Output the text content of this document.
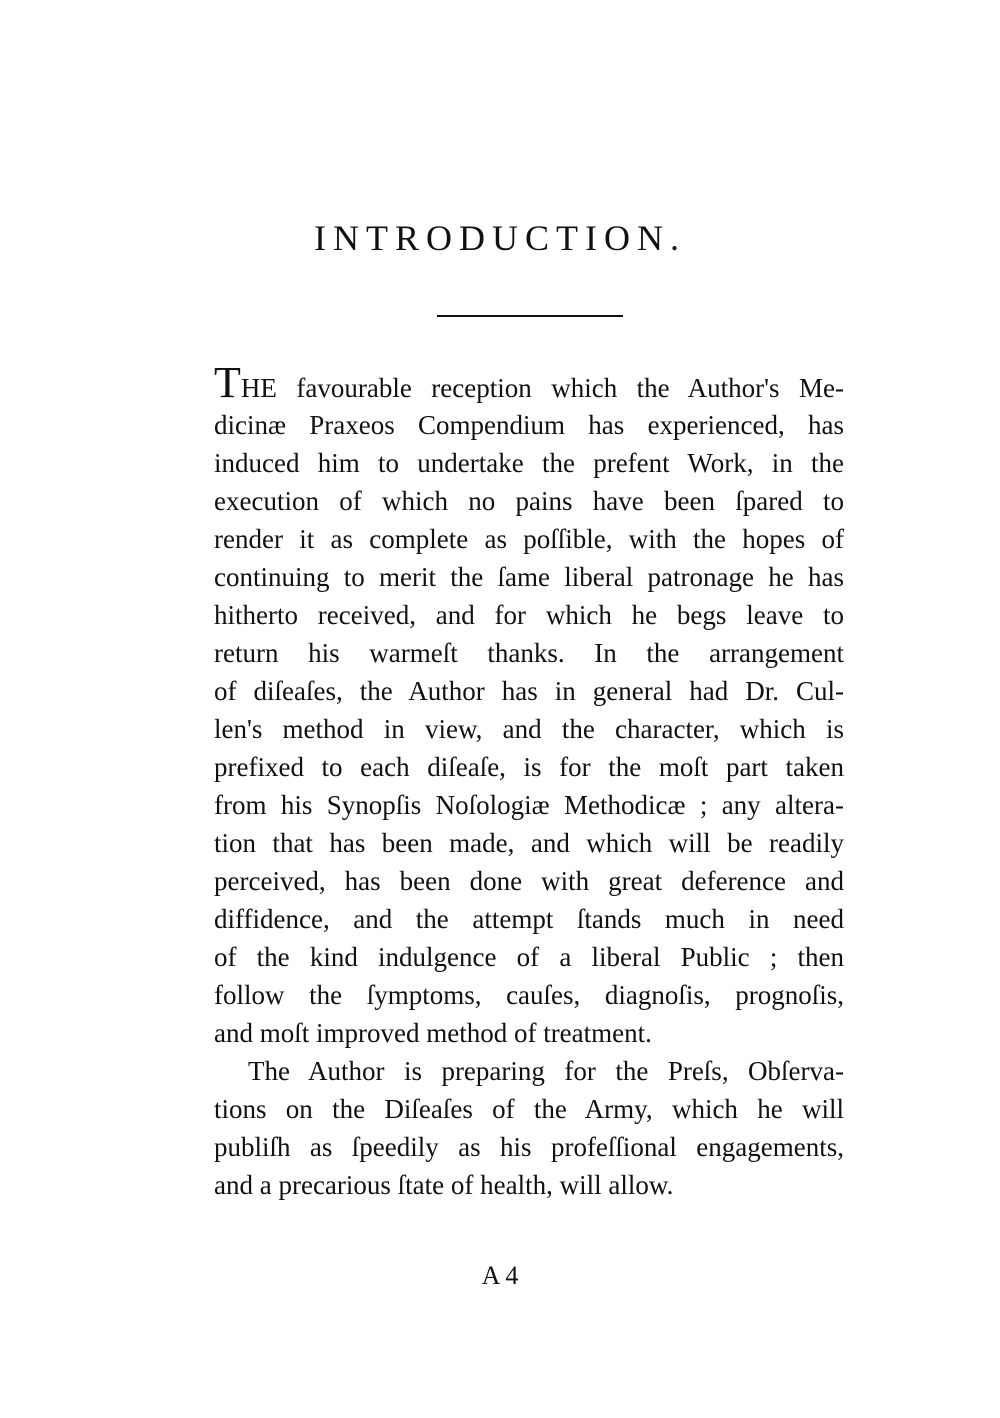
INTRODUCTION.
THE favourable reception which the Author's Me-
dicinæ Praxeos Compendium has experienced, has
induced him to undertake the prefent Work, in the
execution of which no pains have been ſpared to
render it as complete as poſſible, with the hopes of
continuing to merit the ſame liberal patronage he has
hitherto received, and for which he begs leave to
return his warmeſt thanks. In the arrangement
of diſeaſes, the Author has in general had Dr. Cul-
len's method in view, and the character, which is
prefixed to each diſeaſe, is for the moſt part taken
from his Synopſis Noſologiæ Methodicæ ; any altera-
tion that has been made, and which will be readily
perceived, has been done with great deference and
diffidence, and the attempt ſtands much in need
of the kind indulgence of a liberal Public ; then
follow the ſymptoms, cauſes, diagnoſis, prognoſis,
and moſt improved method of treatment.
The Author is preparing for the Preſs, Obſerva-
tions on the Diſeaſes of the Army, which he will
publiſh as ſpeedily as his profeſſional engagements,
and a precarious ſtate of health, will allow.
A 4
